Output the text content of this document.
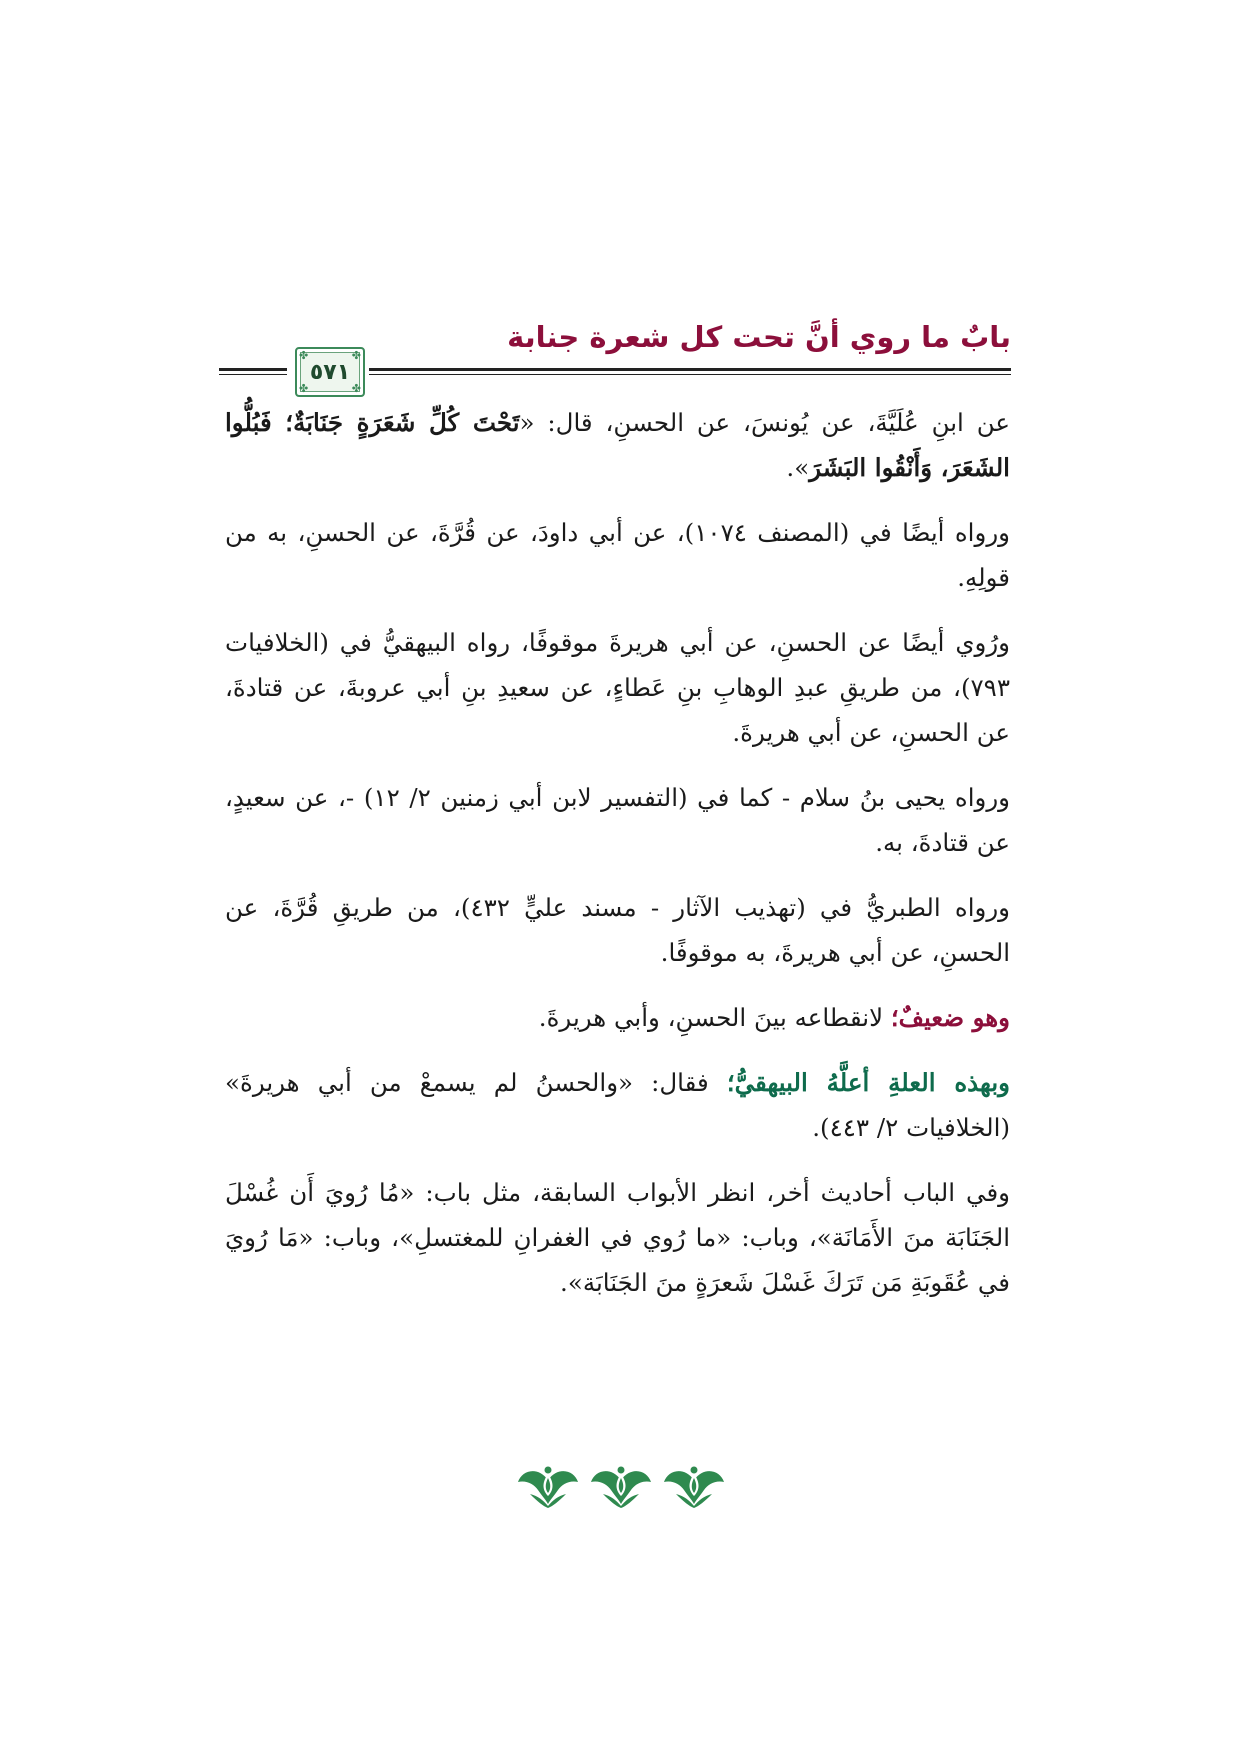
✤	✤
✤	✤
٥٧١
بابٌ ما روي أنَّ تحت كل شعرة جنابة

عن ابنِ عُلَيَّةَ، عن يُونسَ، عن الحسنِ، قال: «تَحْتَ كُلِّ شَعَرَةٍ جَنَابَةٌ؛ فَبُلُّوا الشَعَرَ، وَأَنْقُوا البَشَرَ».

ورواه أيضًا في (المصنف ١٠٧٤)، عن أبي داودَ، عن قُرَّةَ، عن الحسنِ، به من قولِهِ.

ورُوي أيضًا عن الحسنِ، عن أبي هريرةَ موقوفًا، رواه البيهقيُّ في (الخلافيات ٧٩٣)، من طريقِ عبدِ الوهابِ بنِ عَطاءٍ، عن سعيدِ بنِ أبي عروبةَ، عن قتادةَ، عن الحسنِ، عن أبي هريرةَ.

ورواه يحيى بنُ سلام - كما في (التفسير لابن أبي زمنين ٢/ ١٢) -، عن سعيدٍ، عن قتادةَ، به.

ورواه الطبريُّ في (تهذيب الآثار - مسند عليٍّ ٤٣٢)، من طريقِ قُرَّةَ، عن الحسنِ، عن أبي هريرةَ، به موقوفًا.

وهو ضعيفٌ؛ لانقطاعه بينَ الحسنِ، وأبي هريرةَ.

وبهذه العلةِ أعلَّهُ البيهقيُّ؛ فقال: «والحسنُ لم يسمعْ من أبي هريرةَ» (الخلافيات ٢/ ٤٤٣).

وفي الباب أحاديث أخر، انظر الأبواب السابقة، مثل باب: «مُا رُويَ أَن غُسْلَ الجَنَابَة منَ الأَمَانَة»، وباب: «ما رُوي في الغفرانِ للمغتسلِ»، وباب: «مَا رُويَ في عُقَوبَةِ مَن تَرَكَ غَسْلَ شَعرَةٍ منَ الجَنَابَة».
